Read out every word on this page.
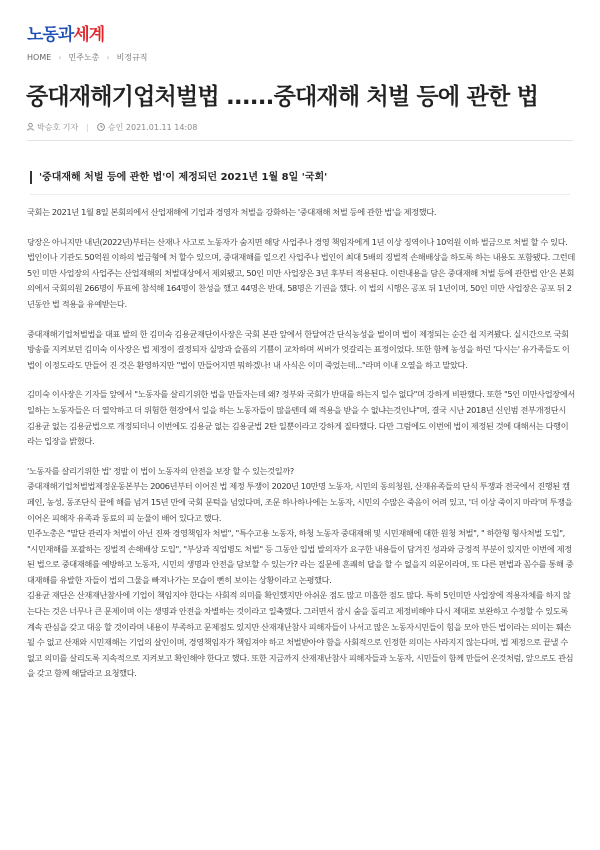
노동과세계
HOME › 민주노총 › 비정규직
중대재해기업처벌법 ......중대재해 처벌 등에 관한 법
박승호 기자 | 승인 2021.01.11 14:08
'중대재해 처벌 등에 관한 법'이 제정되던 2021년 1월 8일 '국회'

국회는 2021년 1월 8일 본회의에서 산업재해에 기업과 경영자 처벌을 강화하는 '중대재해 처벌 등에 관한 법'을 제정했다.

당장은 아니지만 내년(2022년)부터는 산재나 사고로 노동자가 숨지면 해당 사업주나 경영 책임자에게 1년 이상 징역이나 10억원 이하 벌금으로 처벌 할 수 있다. 법인이나 기관도 50억원 이하의 벌금형에 처 할수 있으며, 중대재해를 일으킨 사업주나 법인이 최대 5배의 징벌적 손해배상을 하도록 하는 내용도 포함됐다. 그런데 5인 미만 사업장의 사업주는 산업재해의 처벌대상에서 제외됐고, 50인 미만 사업장은 3년 후부터 적용된다. 이런내용을 담은 중대재해 처벌 등에 관한법 안'은 본회의에서 국회의원 266명이 투표에 참석해 164명이 찬성을 했고 44명은 반대, 58명은 기권을 했다. 이 법의 시행은 공포 뒤 1년이며, 50인 미만 사업장은 공포 뒤 2년동안 법 적용을 유예받는다.

중대재해기업처벌법을 대표 발의 한 김미숙 김용균재단이사장은 국회 본관 앞에서 한달여간 단식농성을 벌이며 법이 제정되는 순간 쉽 지켜봤다. 실시간으로 국회방송를 지켜보던 김미숙 이사장은 법 제정이 결정되자 실망과 슬픔의 기쁨이 교차하며 씨버가 엇갈리는 표정이었다. 또한 함께 농성을 하던 '다시는' 유가족들도 이 법이 이정도라도 만들어 진 것은 환영하지만 "법이 만들어지면 뭐하겠나! 내 사식은 이미 죽었는데..."라며 이내 오열을 하고 말았다.

김미숙 이사장은 기자들 앞에서 "노동자를 살리기위한 법을 만들자는데 왜? 정부와 국회가 반대를 하는지 일수 없다"며 강하게 비판했다. 또한 "5인 미만사업장에서 일하는 노동자들은 더 열악하고 더 위험한 현장에서 일을 하는 노동자들이 많을텐데 왜 적용을 받을 수 없냐는것인냐"며, 결국 시난 2018년 신인범 전부개정단시 김용균 없는 김용균법으로 개정되더니 이번에도 김용균 없는 김용균법 2탄 일뿐이라고 강하게 질타했다. 다만 그럼에도 이번에 법이 제정된 것에 대해서는 다행이라는 입장을 밝혔다.

'노동자를 살리기위한 법' 정말 이 법이 노동자의 안전을 보장 할 수 있는것일까?

중대재해기업처벌법제정운동본부는 2006년부터 이어진 법 제정 투쟁이 2020년 10만명 노동자, 시민의 동의청원, 산재유족들의 단식 투쟁과 전국에서 진행된 캠페인, 농성, 동조단식 끝에 해를 넘겨 15년 만에 국회 문턱을 넘었다며, 조문 하나하나에는 노동자, 시민의 수많은 죽음이 어려 있고, '더 이상 죽이지 마라'며 투쟁을 이어온 피해자 유족과 동료의 피 눈물이 배어 있다고 했다.

민주노총은 "말단 관리자 처벌이 아닌 진짜 경영책임자 처벌", "특수고용 노동자, 하청 노동자 중대재해 및 시민재해에 대한 원청 처벌", " 하한형 형사처벌 도입", "시민재해를 포괄하는 징벌적 손해배상 도입", "부상과 직업병도 처벌" 등 그동안 입법 발의자가 요구한 내용들이 담겨진 성과와 긍정적 부분이 있지만 이번에 제정된 법으로 중대재해를 예방하고 노동자, 시민의 생명과 안전을 담보할 수 있는가? 라는 질문에 흔쾌히 답을 할 수 없을지 의문이라며, 또 다른 편법과 꼼수를 통해 중대재해를 유발한 자들이 법의 그물을 빠져나가는 모습이 뻔히 보이는 상황이라고 논평했다.

김용균 재단은 산재재난참사에 기업이 책임지야 한다는 사회적 의미를 확인했지만 아쉬운 점도 많고 미흡한 점도 많다. 특히 5인미만 사업장에 적용자체를 하지 않는다는 것은 너무나 큰 문제이며 이는 생명과 안전을 차별하는 것이라고 일축했다. 그러면서 잠시 숨을 돌리고 제정비해야 다시 제대로 보완하고 수정할 수 있도록 계속 관심을 갖고 대응 할 것이라며 내용이 부족하고 문제점도 있지만 산재재난참사 피해자들이 나서고 많은 노동자시민들이 힘을 모아 만든 법이라는 의미는 훼손될 수 없고 산재와 시민재해는 기업의 살인이며, 경영책임자가 책임져야 하고 처벌받아야 함을 사회적으로 인정한 의미는 사라지지 않는다며, 법 제정으로 끝낼 수 없고 의미를 살리도록 지속적으로 지켜보고 확인해야 한다고 했다. 또한 지금까지 산재재난참사 피해자들과 노동자, 시민들이 함께 만들어 온것처럼, 앞으로도 관심을 갖고 함께 해달라고 요청했다.
